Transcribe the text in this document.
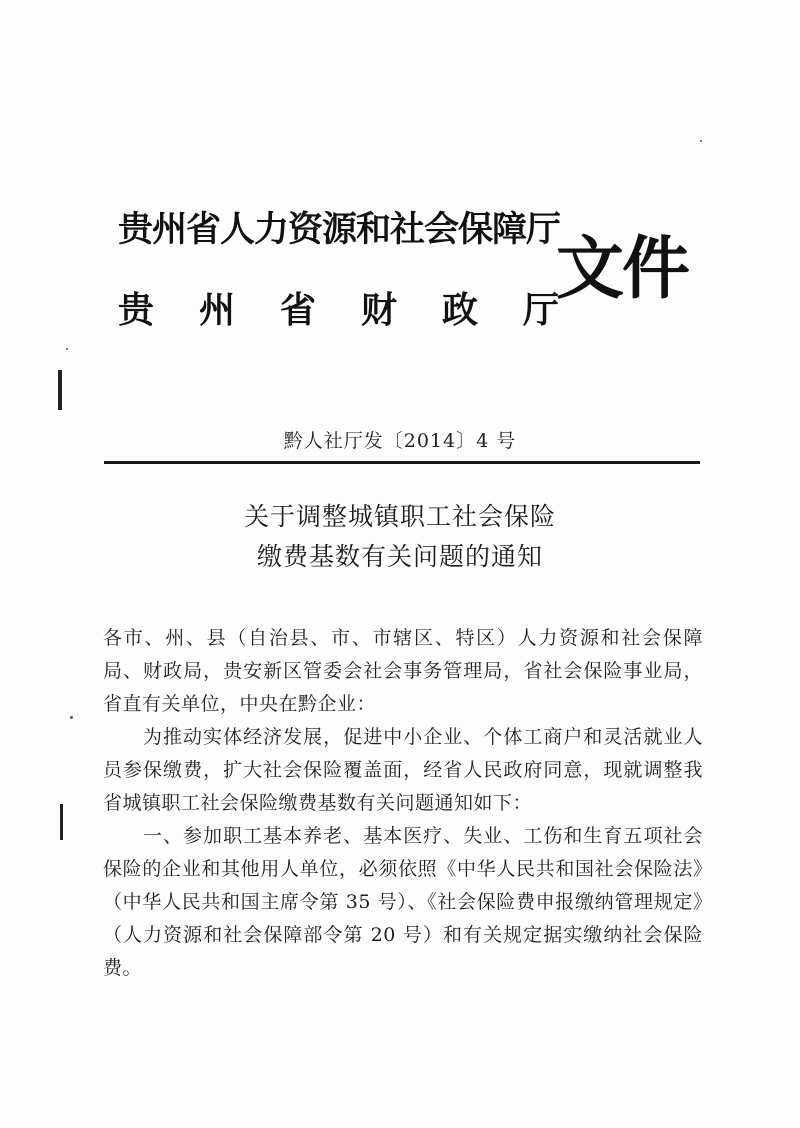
贵州省人力资源和社会保障厅
贵州省财政厅
文件
黔人社厅发〔2014〕4 号
关于调整城镇职工社会保险
缴费基数有关问题的通知

各市、州、县（自治县、市、市辖区、特区）人力资源和社会保障局、财政局，贵安新区管委会社会事务管理局，省社会保险事业局，省直有关单位，中央在黔企业：

为推动实体经济发展，促进中小企业、个体工商户和灵活就业人员参保缴费，扩大社会保险覆盖面，经省人民政府同意，现就调整我省城镇职工社会保险缴费基数有关问题通知如下：

一、参加职工基本养老、基本医疗、失业、工伤和生育五项社会保险的企业和其他用人单位，必须依照《中华人民共和国社会保险法》（中华人民共和国主席令第 35 号）、《社会保险费申报缴纳管理规定》（人力资源和社会保障部令第 20 号）和有关规定据实缴纳社会保险费。
